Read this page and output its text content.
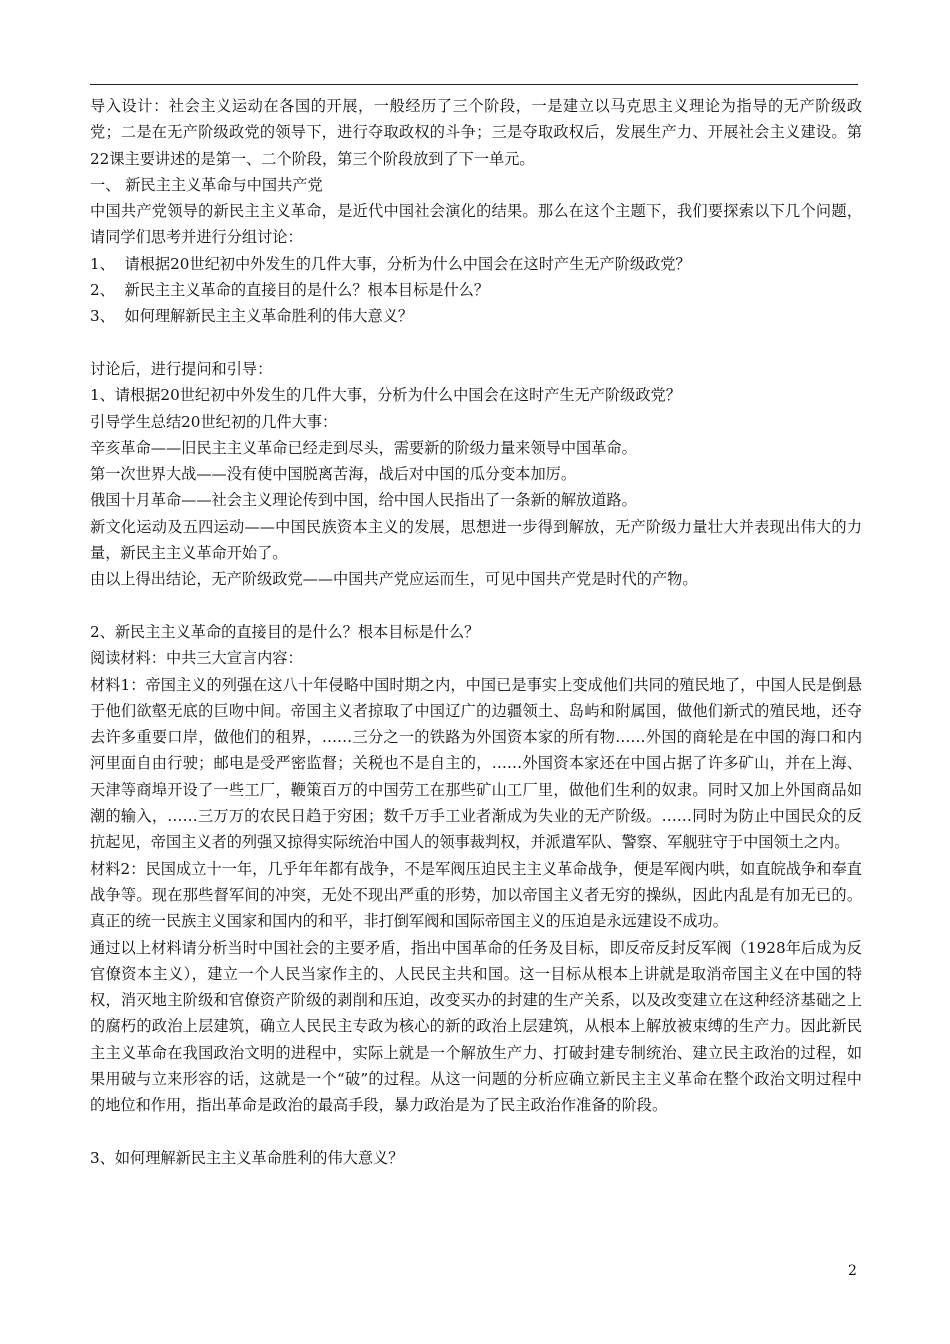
导入设计：社会主义运动在各国的开展，一般经历了三个阶段，一是建立以马克思主义理论为指导的无产阶级政党；二是在无产阶级政党的领导下，进行夺取政权的斗争；三是夺取政权后，发展生产力、开展社会主义建设。第22课主要讲述的是第一、二个阶段，第三个阶段放到了下一单元。

一、 新民主主义革命与中国共产党

中国共产党领导的新民主主义革命，是近代中国社会演化的结果。那么在这个主题下，我们要探索以下几个问题，请同学们思考并进行分组讨论：

1、  请根据20世纪初中外发生的几件大事，分析为什么中国会在这时产生无产阶级政党？

2、  新民主主义革命的直接目的是什么？根本目标是什么？

3、  如何理解新民主主义革命胜利的伟大意义？

讨论后，进行提问和引导：

1、请根据20世纪初中外发生的几件大事，分析为什么中国会在这时产生无产阶级政党？

引导学生总结20世纪初的几件大事：

辛亥革命——旧民主主义革命已经走到尽头，需要新的阶级力量来领导中国革命。

第一次世界大战——没有使中国脱离苦海，战后对中国的瓜分变本加厉。

俄国十月革命——社会主义理论传到中国，给中国人民指出了一条新的解放道路。

新文化运动及五四运动——中国民族资本主义的发展，思想进一步得到解放，无产阶级力量壮大并表现出伟大的力量，新民主主义革命开始了。

由以上得出结论，无产阶级政党——中国共产党应运而生，可见中国共产党是时代的产物。

2、新民主主义革命的直接目的是什么？根本目标是什么？

阅读材料：中共三大宣言内容：

材料1：帝国主义的列强在这八十年侵略中国时期之内，中国已是事实上变成他们共同的殖民地了，中国人民是倒悬于他们欲壑无底的巨吻中间。帝国主义者掠取了中国辽广的边疆领土、岛屿和附属国，做他们新式的殖民地，还夺去许多重要口岸，做他们的租界，……三分之一的铁路为外国资本家的所有物……外国的商轮是在中国的海口和内河里面自由行驶；邮电是受严密监督；关税也不是自主的，……外国资本家还在中国占据了许多矿山，并在上海、天津等商埠开设了一些工厂，鞭策百万的中国劳工在那些矿山工厂里，做他们生利的奴隶。同时又加上外国商品如潮的输入，……三万万的农民日趋于穷困；数千万手工业者渐成为失业的无产阶级。……同时为防止中国民众的反抗起见，帝国主义者的列强又掠得实际统治中国人的领事裁判权，并派遣军队、警察、军舰驻守于中国领土之内。

材料2：民国成立十一年，几乎年年都有战争，不是军阀压迫民主主义革命战争，便是军阀内哄，如直皖战争和奉直战争等。现在那些督军间的冲突，无处不现出严重的形势，加以帝国主义者无穷的操纵，因此内乱是有加无已的。真正的统一民族主义国家和国内的和平，非打倒军阀和国际帝国主义的压迫是永远建设不成功。

通过以上材料请分析当时中国社会的主要矛盾，指出中国革命的任务及目标，即反帝反封反军阀（1928年后成为反官僚资本主义），建立一个人民当家作主的、人民民主共和国。这一目标从根本上讲就是取消帝国主义在中国的特权，消灭地主阶级和官僚资产阶级的剥削和压迫，改变买办的封建的生产关系，以及改变建立在这种经济基础之上的腐朽的政治上层建筑，确立人民民主专政为核心的新的政治上层建筑，从根本上解放被束缚的生产力。因此新民主主义革命在我国政治文明的进程中，实际上就是一个解放生产力、打破封建专制统治、建立民主政治的过程，如果用破与立来形容的话，这就是一个“破”的过程。从这一问题的分析应确立新民主主义革命在整个政治文明过程中的地位和作用，指出革命是政治的最高手段，暴力政治是为了民主政治作准备的阶段。

3、如何理解新民主主义革命胜利的伟大意义？

2
